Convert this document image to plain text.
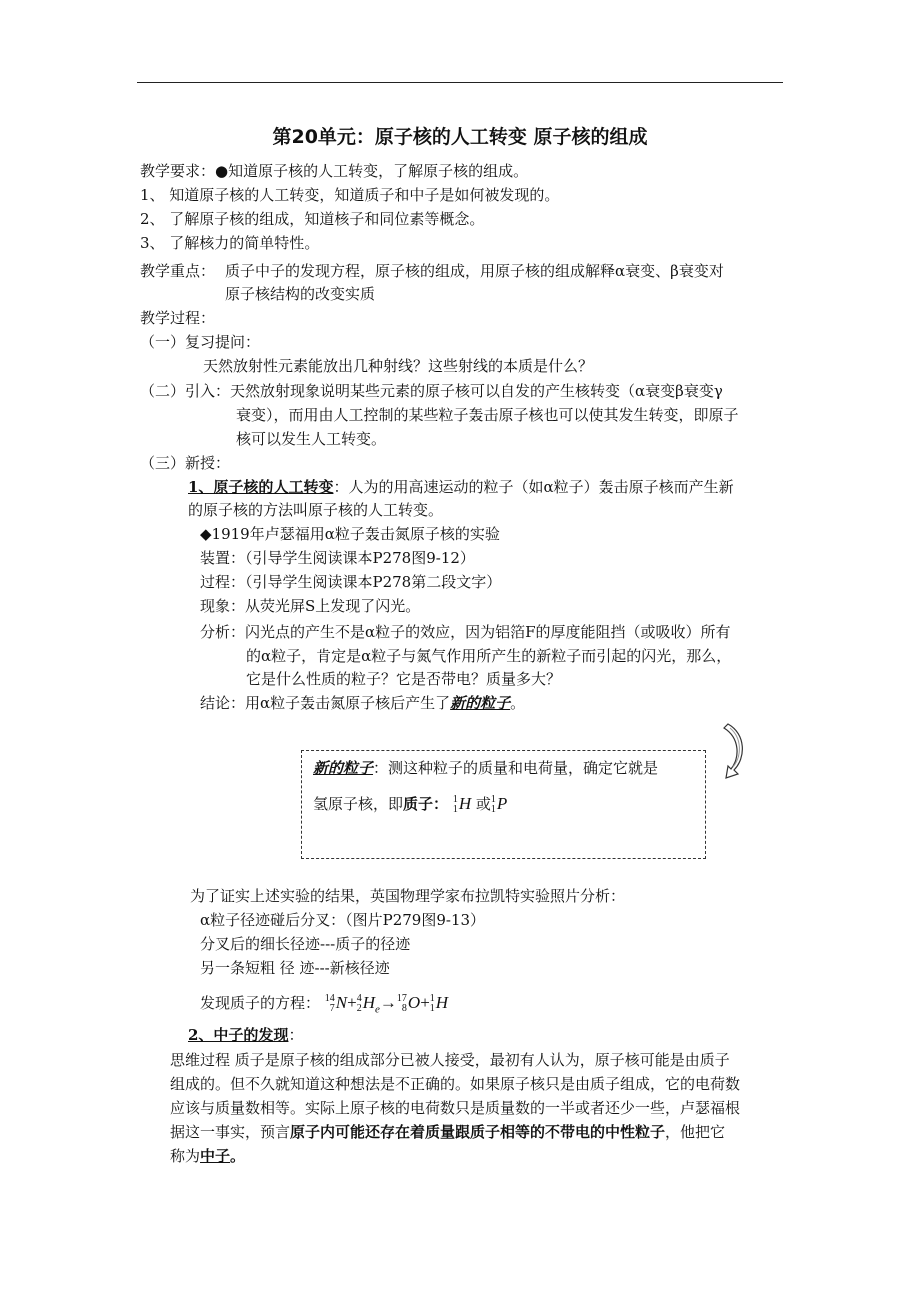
第20单元：原子核的人工转变 原子核的组成
教学要求：●知道原子核的人工转变，了解原子核的组成。
1、 知道原子核的人工转变，知道质子和中子是如何被发现的。
2、 了解原子核的组成，知道核子和同位素等概念。
3、 了解核力的简单特性。
教学重点： 质子中子的发现方程，原子核的组成，用原子核的组成解释α衰变、β衰变对
原子核结构的改变实质
教学过程：
（一）复习提问：
天然放射性元素能放出几种射线？这些射线的本质是什么？
（二）引入：天然放射现象说明某些元素的原子核可以自发的产生核转变（α衰变β衰变γ
衰变），而用由人工控制的某些粒子轰击原子核也可以使其发生转变，即原子
核可以发生人工转变。
（三）新授：
1、原子核的人工转变：人为的用高速运动的粒子（如α粒子）轰击原子核而产生新
的原子核的方法叫原子核的人工转变。
◆1919年卢瑟福用α粒子轰击氮原子核的实验
装置：（引导学生阅读课本P278图9-12）
过程：（引导学生阅读课本P278第二段文字）
现象：从荧光屏S上发现了闪光。
分析：闪光点的产生不是α粒子的效应，因为铝箔F的厚度能阻挡（或吸收）所有
的α粒子，肯定是α粒子与氮气作用所产生的新粒子而引起的闪光，那么，
它是什么性质的粒子？它是否带电？质量多大？
结论：用α粒子轰击氮原子核后产生了新的粒子。
新的粒子：测这种粒子的质量和电荷量，确定它就是
氢原子核，即质子： 1
1 H 或 1
1 P
为了证实上述实验的结果，英国物理学家布拉凯特实验照片分析：
α粒子径迹碰后分叉：（图片P279图9-13）
分叉后的细长径迹---质子的径迹
另一条短粗 径 迹---新核径迹
发现质子的方程： 14
7 N+ 4
2 $H_e\to 17$
8 O+ 1
1 H
2、中子的发现：
思维过程 质子是原子核的组成部分已被人接受，最初有人认为，原子核可能是由质子
组成的。但不久就知道这种想法是不正确的。如果原子核只是由质子组成，它的电荷数
应该与质量数相等。实际上原子核的电荷数只是质量数的一半或者还少一些，卢瑟福根
据这一事实，预言原子内可能还存在着质量跟质子相等的不带电的中性粒子，他把它
称为中子。
